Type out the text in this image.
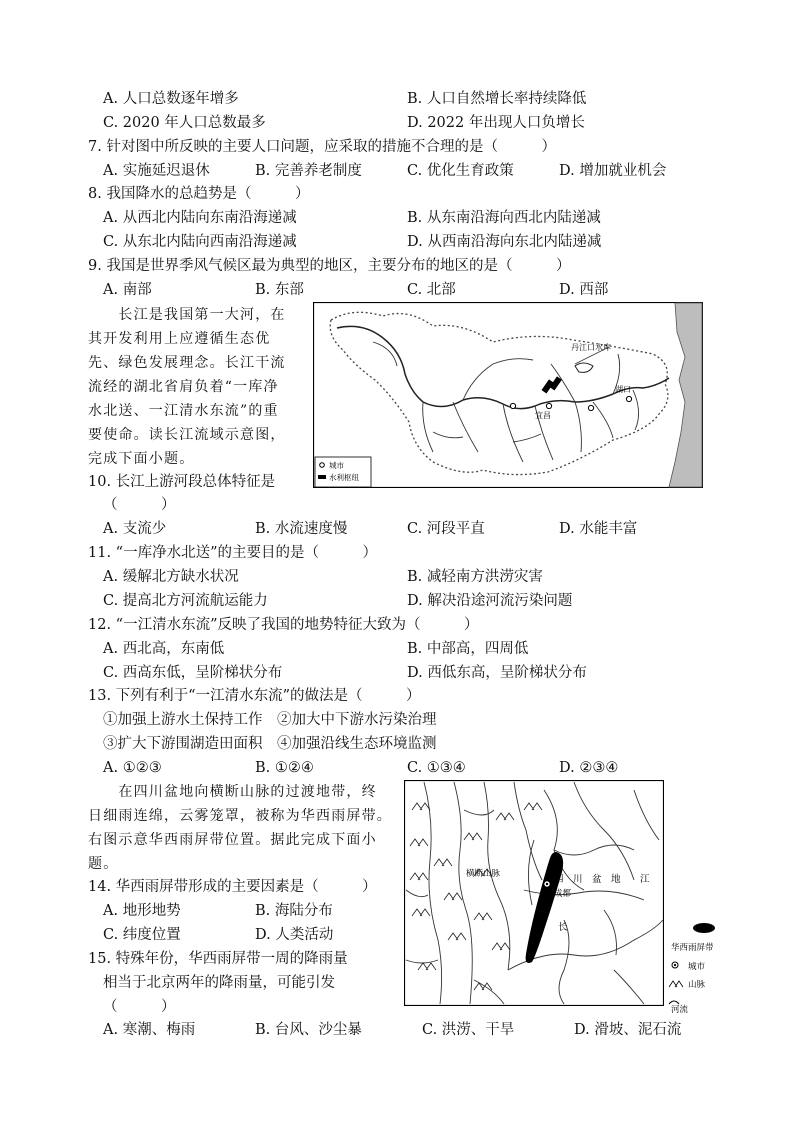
A. 人口总数逐年增多	B. 人口自然增长率持续降低
C. 2020 年人口总数最多	D. 2022 年出现人口负增长
7. 针对图中所反映的主要人口问题，应采取的措施不合理的是（　　　）
A. 实施延迟退休	B. 完善养老制度	C. 优化生育政策	D. 增加就业机会
8. 我国降水的总趋势是（　　　）
A. 从西北内陆向东南沿海递减	B. 从东南沿海向西北内陆递减
C. 从东北内陆向西南沿海递减	D. 从西南沿海向东北内陆递减
9. 我国是世界季风气候区最为典型的地区，主要分布的地区的是（　　　）
A. 南部	B. 东部	C. 北部	D. 西部
　　长江是我国第一大河，在
其开发利用上应遵循生态优
先、绿色发展理念。长江干流
流经的湖北省肩负着“一库净
水北送、一江清水东流”的重
要使命。读长江流域示意图，
完成下面小题。
丹江口水库
宜昌
湖口
城市
水利枢纽
10. 长江上游河段总体特征是
（　　　）
A. 支流少	B. 水流速度慢	C. 河段平直	D. 水能丰富
11. “一库净水北送”的主要目的是（　　　）
A. 缓解北方缺水状况	B. 减轻南方洪涝灾害
C. 提高北方河流航运能力	D. 解决沿途河流污染问题
12. “一江清水东流”反映了我国的地势特征大致为（　　　）
A. 西北高，东南低	B. 中部高，四周低
C. 西高东低，呈阶梯状分布	D. 西低东高，呈阶梯状分布
13. 下列有利于“一江清水东流”的做法是（　　　）
①加强上游水土保持工作　②加大中下游水污染治理
③扩大下游围湖造田面积　④加强沿线生态环境监测
A. ①②③	B. ①②④	C. ①③④	D. ②③④
　　在四川盆地向横断山脉的过渡地带，终
日细雨连绵，云雾笼罩，被称为华西雨屏带。
右图示意华西雨屏带位置。据此完成下面小
题。
成都
横断山脉	四　川　盆　地 江
长
华西雨屏带
城市
山脉
河流
14. 华西雨屏带形成的主要因素是（　　　）
A. 地形地势	B. 海陆分布
C. 纬度位置	D. 人类活动
15. 特殊年份，华西雨屏带一周的降雨量
相当于北京两年的降雨量，可能引发
（　　　）
A. 寒潮、梅雨	B. 台风、沙尘暴	C. 洪涝、干旱	D. 滑坡、泥石流
